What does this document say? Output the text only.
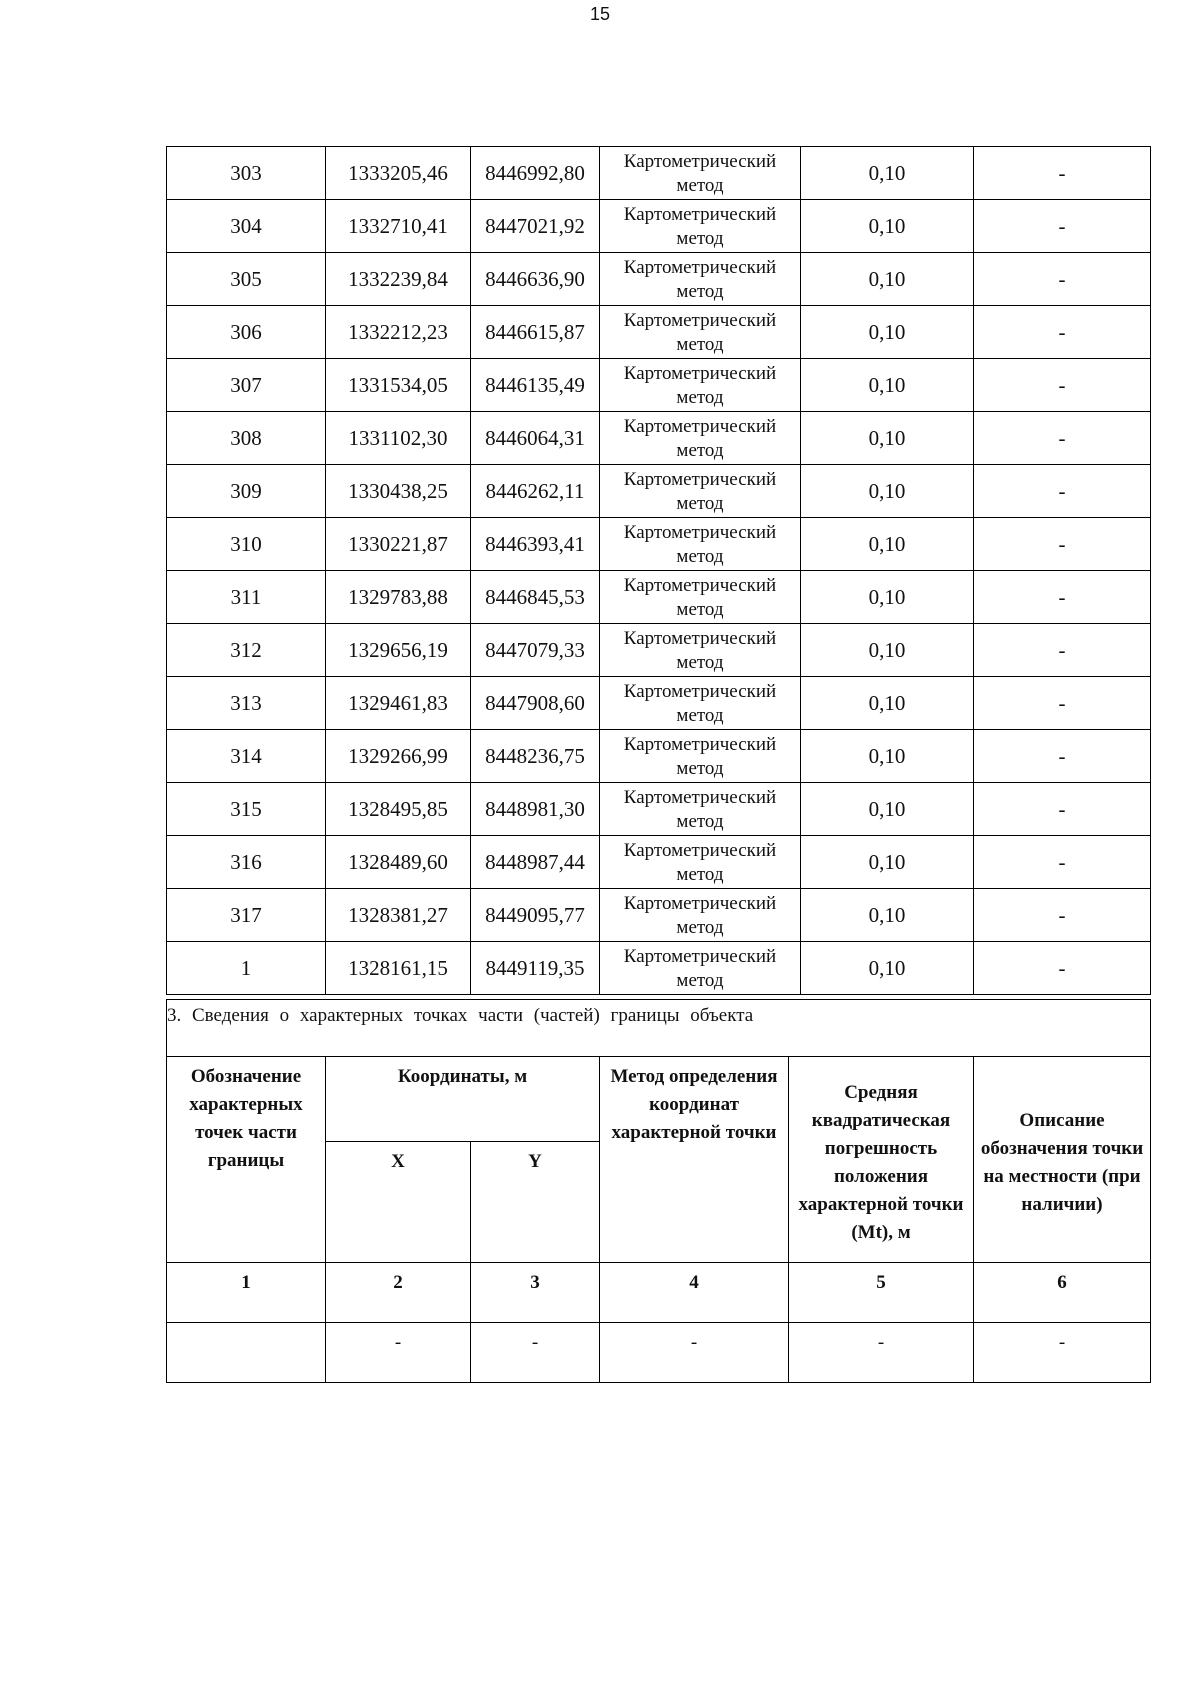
15
303	1333205,46	8446992,80	Картометрический метод	0,10	-
304	1332710,41	8447021,92	Картометрический метод	0,10	-
305	1332239,84	8446636,90	Картометрический метод	0,10	-
306	1332212,23	8446615,87	Картометрический метод	0,10	-
307	1331534,05	8446135,49	Картометрический метод	0,10	-
308	1331102,30	8446064,31	Картометрический метод	0,10	-
309	1330438,25	8446262,11	Картометрический метод	0,10	-
310	1330221,87	8446393,41	Картометрический метод	0,10	-
311	1329783,88	8446845,53	Картометрический метод	0,10	-
312	1329656,19	8447079,33	Картометрический метод	0,10	-
313	1329461,83	8447908,60	Картометрический метод	0,10	-
314	1329266,99	8448236,75	Картометрический метод	0,10	-
315	1328495,85	8448981,30	Картометрический метод	0,10	-
316	1328489,60	8448987,44	Картометрический метод	0,10	-
317	1328381,27	8449095,77	Картометрический метод	0,10	-
1	1328161,15	8449119,35	Картометрический метод	0,10	-
3. Сведения о характерных точках части (частей) границы объекта					
Обозначение характерных точек части границы	Координаты, м		Метод определения координат характерной точки	Средняя квадратическая погрешность положения характерной точки (Mt), м	Описание обозначения точки на местности (при наличии)
	X	Y			
1	2	3	4	5	6
	-	-	-	-	-
